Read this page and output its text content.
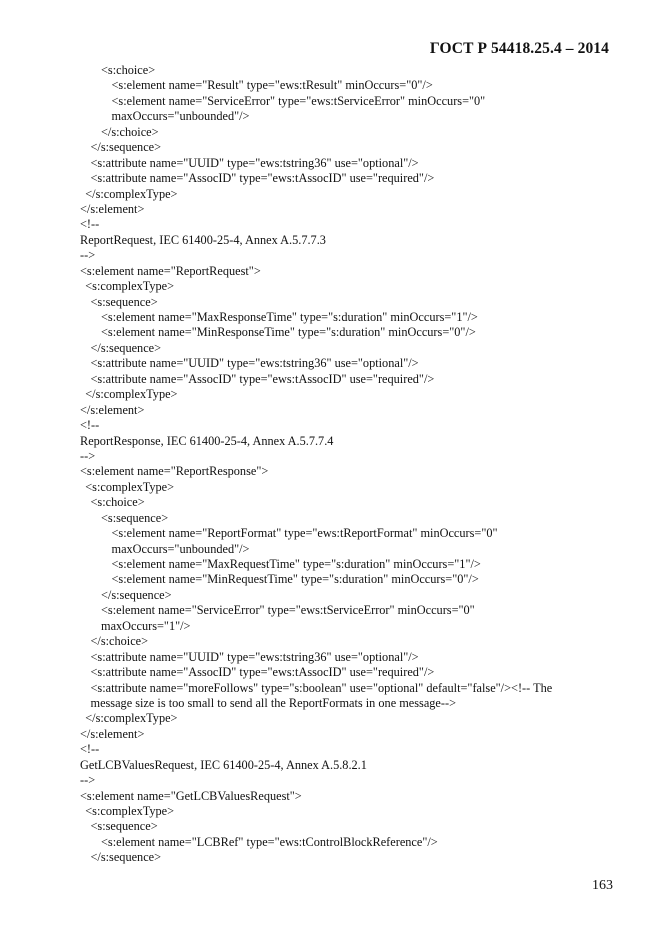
ГОСТ Р 54418.25.4 – 2014
<s:choice>
<s:element name="Result" type="ews:tResult" minOccurs="0"/>
<s:element name="ServiceError" type="ews:tServiceError" minOccurs="0"
maxOccurs="unbounded"/>
</s:choice>
</s:sequence>
<s:attribute name="UUID" type="ews:tstring36" use="optional"/>
<s:attribute name="AssocID" type="ews:tAssocID" use="required"/>
</s:complexType>
</s:element>
<!--
ReportRequest, IEC 61400-25-4, Annex A.5.7.7.3
-->
<s:element name="ReportRequest">
<s:complexType>
<s:sequence>
<s:element name="MaxResponseTime" type="s:duration" minOccurs="1"/>
<s:element name="MinResponseTime" type="s:duration" minOccurs="0"/>
</s:sequence>
<s:attribute name="UUID" type="ews:tstring36" use="optional"/>
<s:attribute name="AssocID" type="ews:tAssocID" use="required"/>
</s:complexType>
</s:element>
<!--
ReportResponse, IEC 61400-25-4, Annex A.5.7.7.4
-->
<s:element name="ReportResponse">
<s:complexType>
<s:choice>
<s:sequence>
<s:element name="ReportFormat" type="ews:tReportFormat" minOccurs="0"
maxOccurs="unbounded"/>
<s:element name="MaxRequestTime" type="s:duration" minOccurs="1"/>
<s:element name="MinRequestTime" type="s:duration" minOccurs="0"/>
</s:sequence>
<s:element name="ServiceError" type="ews:tServiceError" minOccurs="0"
maxOccurs="1"/>
</s:choice>
<s:attribute name="UUID" type="ews:tstring36" use="optional"/>
<s:attribute name="AssocID" type="ews:tAssocID" use="required"/>
<s:attribute name="moreFollows" type="s:boolean" use="optional" default="false"/><!-- The
message size is too small to send all the ReportFormats in one message-->
</s:complexType>
</s:element>
<!--
GetLCBValuesRequest, IEC 61400-25-4, Annex A.5.8.2.1
-->
<s:element name="GetLCBValuesRequest">
<s:complexType>
<s:sequence>
<s:element name="LCBRef" type="ews:tControlBlockReference"/>
</s:sequence>
163
